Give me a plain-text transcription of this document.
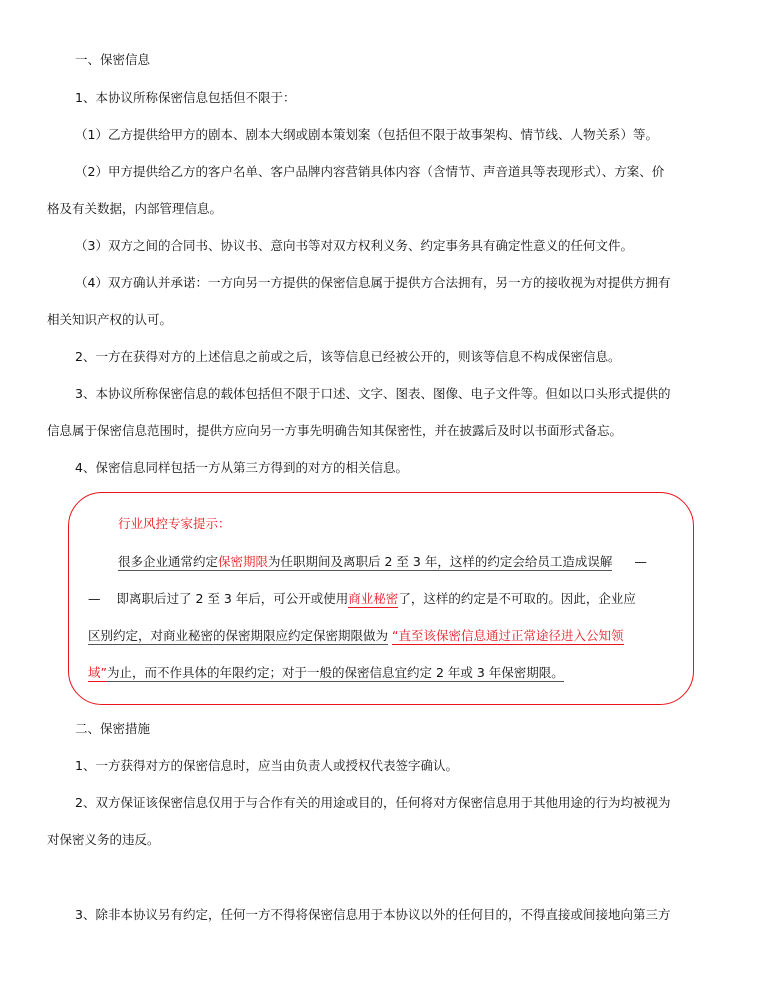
一、保密信息
1、本协议所称保密信息包括但不限于：
（1）乙方提供给甲方的剧本、剧本大纲或剧本策划案（包括但不限于故事架构、情节线、人物关系）等。
（2）甲方提供给乙方的客户名单、客户品牌内容营销具体内容（含情节、声音道具等表现形式）、方案、价
格及有关数据，内部管理信息。
（3）双方之间的合同书、协议书、意向书等对双方权利义务、约定事务具有确定性意义的任何文件。
（4）双方确认并承诺：一方向另一方提供的保密信息属于提供方合法拥有，另一方的接收视为对提供方拥有
相关知识产权的认可。
2、一方在获得对方的上述信息之前或之后，该等信息已经被公开的，则该等信息不构成保密信息。
3、本协议所称保密信息的载体包括但不限于口述、文字、图表、图像、电子文件等。但如以口头形式提供的
信息属于保密信息范围时，提供方应向另一方事先明确告知其保密性，并在披露后及时以书面形式备忘。
4、保密信息同样包括一方从第三方得到的对方的相关信息。
行业风控专家提示：
很多企业通常约定保密期限为任职期间及离职后 2 至 3 年，这样的约定会给员工造成误解 —
— 即离职后过了 2 至 3 年后，可公开或使用商业秘密了，这样的约定是不可取的。因此，企业应
区别约定，对商业秘密的保密期限应约定保密期限做为 “直至该保密信息通过正常途径进入公知领
域”为止，而不作具体的年限约定；对于一般的保密信息宜约定 2 年或 3 年保密期限。
二、保密措施
1、一方获得对方的保密信息时，应当由负责人或授权代表签字确认。
2、双方保证该保密信息仅用于与合作有关的用途或目的，任何将对方保密信息用于其他用途的行为均被视为
对保密义务的违反。
3、除非本协议另有约定，任何一方不得将保密信息用于本协议以外的任何目的，不得直接或间接地向第三方
